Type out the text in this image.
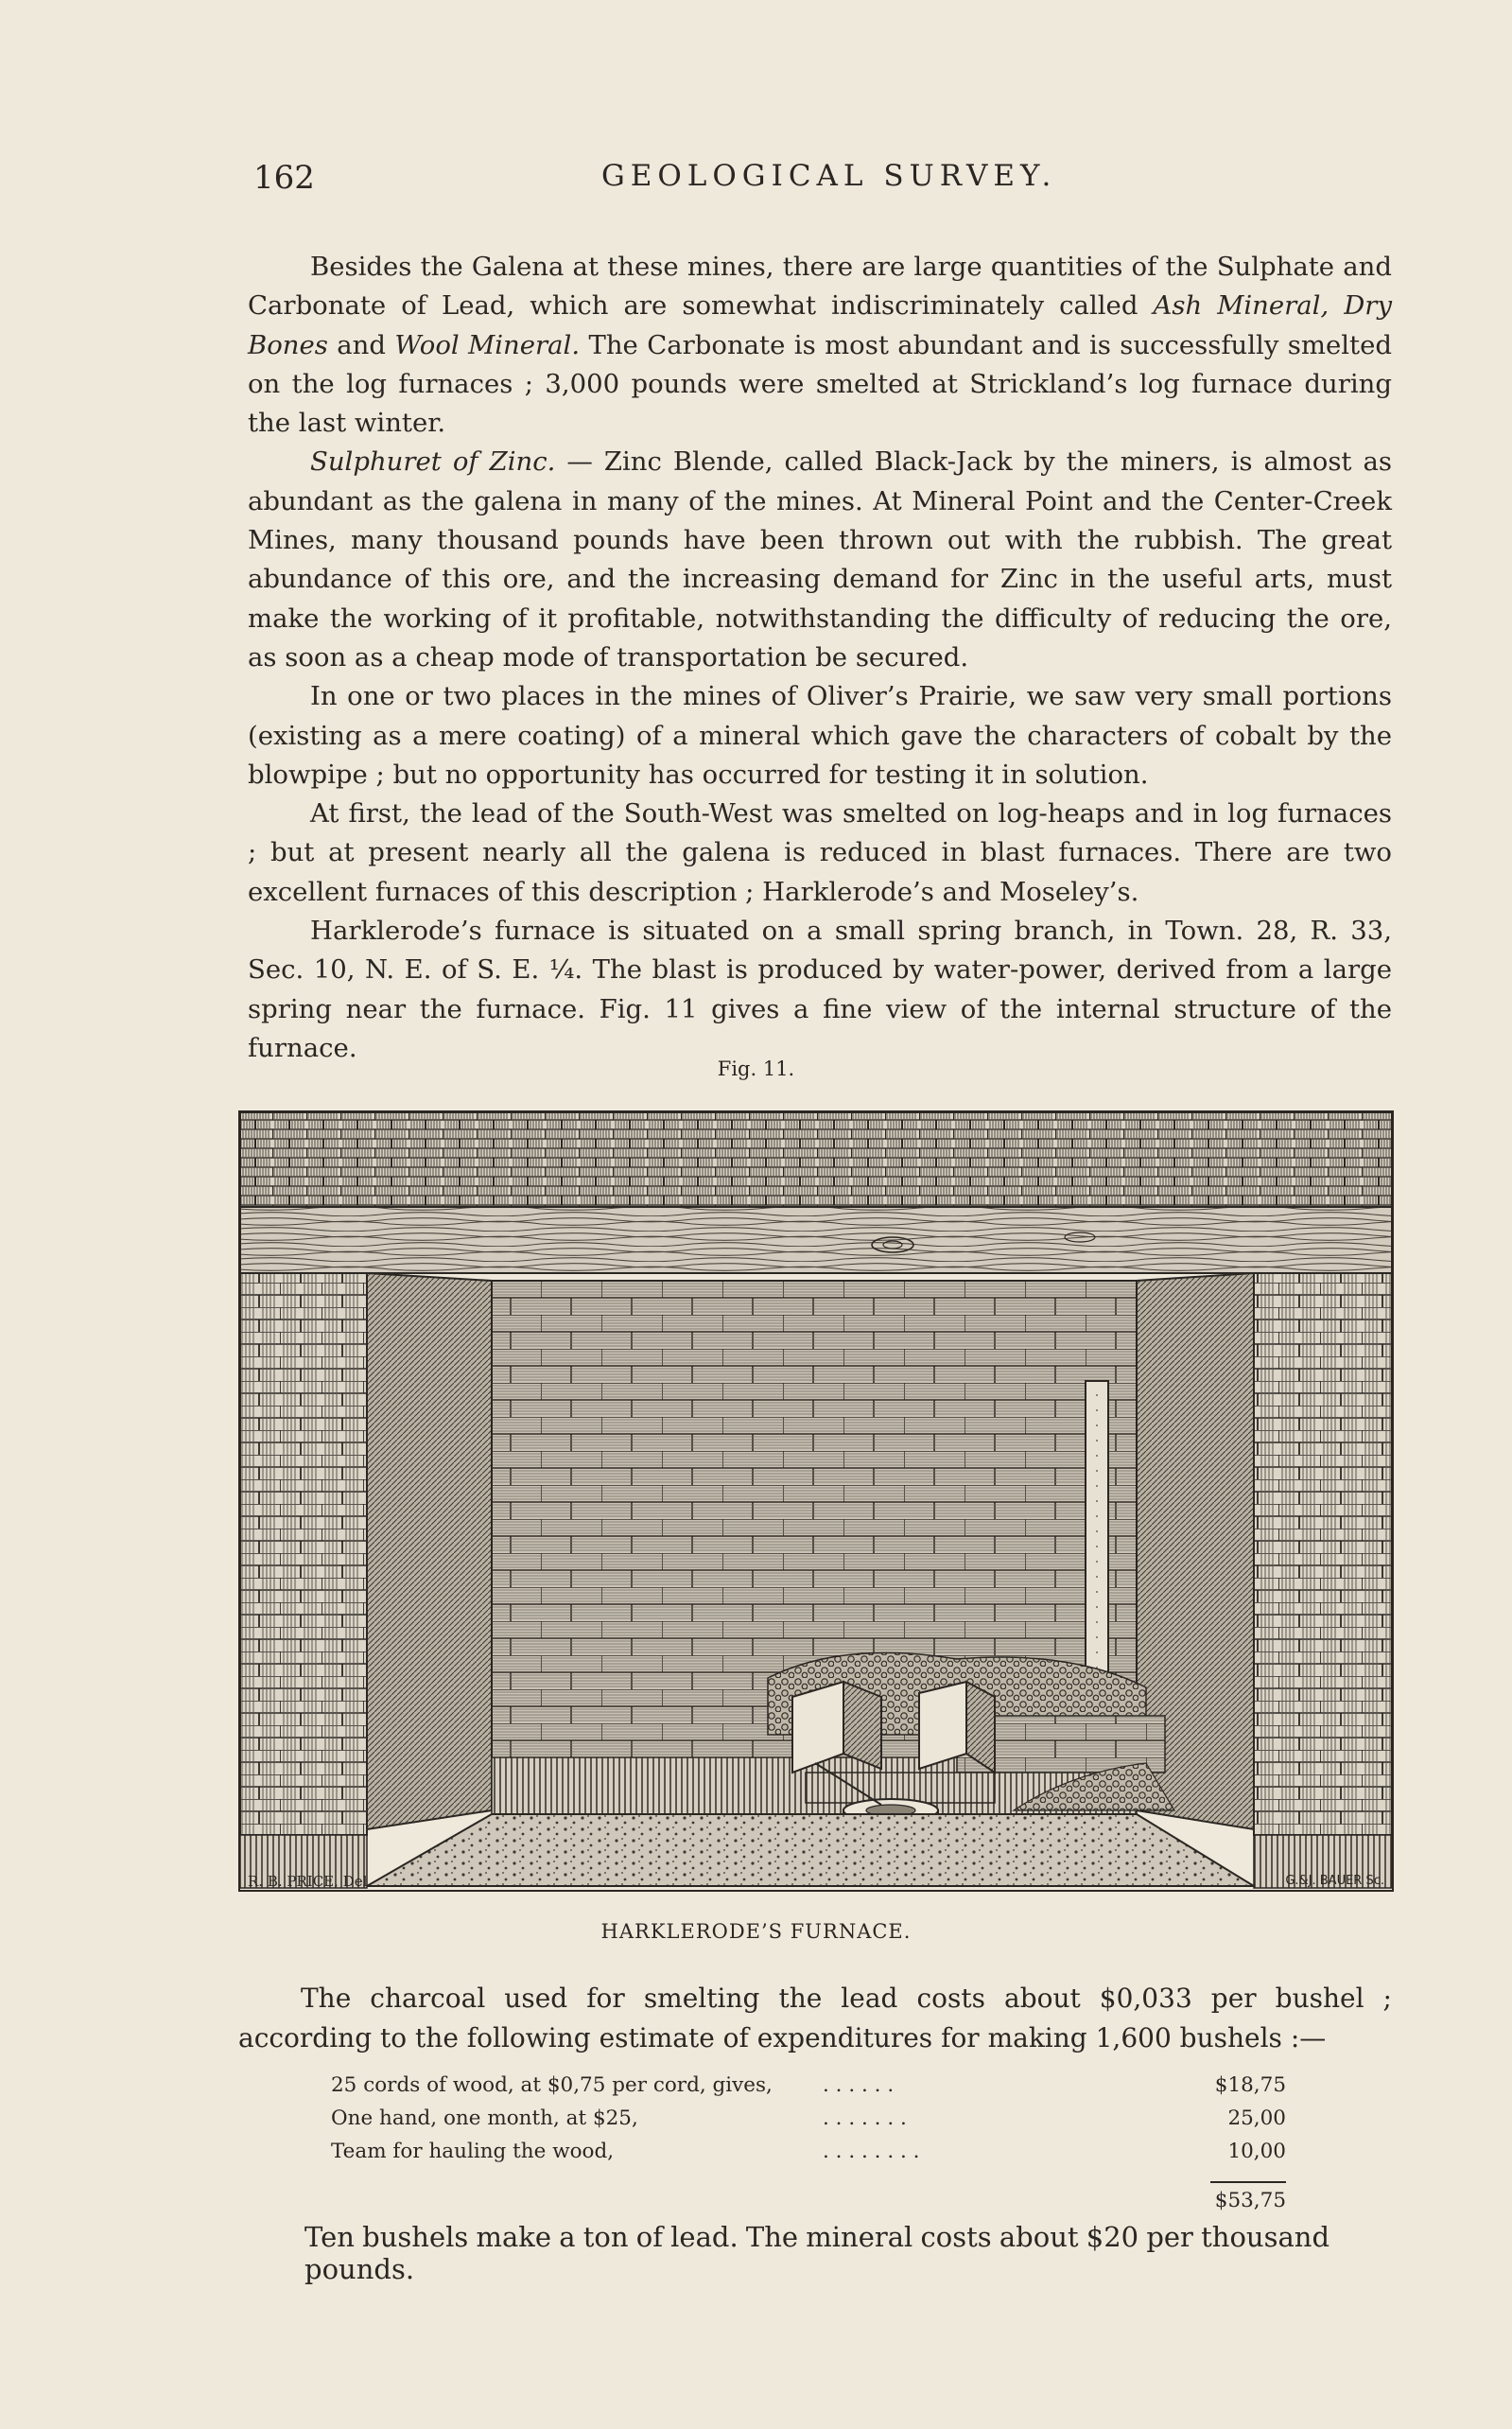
162	GEOLOGICAL SURVEY.

Besides the Galena at these mines, there are large quantities of the Sulphate and Carbonate of Lead, which are somewhat indiscriminately called Ash Mineral, Dry Bones and Wool Mineral. The Carbonate is most abundant and is successfully smelted on the log furnaces ; 3,000 pounds were smelted at Strickland’s log furnace during the last winter.

Sulphuret of Zinc. — Zinc Blende, called Black-Jack by the miners, is almost as abundant as the galena in many of the mines. At Mineral Point and the Center-Creek Mines, many thousand pounds have been thrown out with the rubbish. The great abundance of this ore, and the increasing demand for Zinc in the useful arts, must make the working of it profitable, notwithstanding the difficulty of reducing the ore, as soon as a cheap mode of transportation be secured.

In one or two places in the mines of Oliver’s Prairie, we saw very small portions (existing as a mere coating) of a mineral which gave the characters of cobalt by the blowpipe ; but no opportunity has occurred for testing it in solution.

At first, the lead of the South-West was smelted on log-heaps and in log furnaces ; but at present nearly all the galena is reduced in blast furnaces. There are two excellent furnaces of this description ; Harklerode’s and Moseley’s.

Harklerode’s furnace is situated on a small spring branch, in Town. 28, R. 33, Sec. 10, N. E. of S. E. ¼. The blast is produced by water-power, derived from a large spring near the furnace. Fig. 11 gives a fine view of the internal structure of the furnace.

Fig. 11.
R. B. PRICE, Del.	G.&J. BAUER Sc.
HARKLERODE’S FURNACE.

The charcoal used for smelting the lead costs about $0,033 per bushel ; according to the following estimate of expenditures for making 1,600 bushels :—

25 cords of wood, at $0,75 per cord, gives, . . . . . .	$18,75
One hand, one month, at $25,	. . . . . . .	25,00
Team for hauling the wood,	. . . . . . . .	10,00
$53,75
Ten bushels make a ton of lead. The mineral costs about $20 per thousand pounds.
